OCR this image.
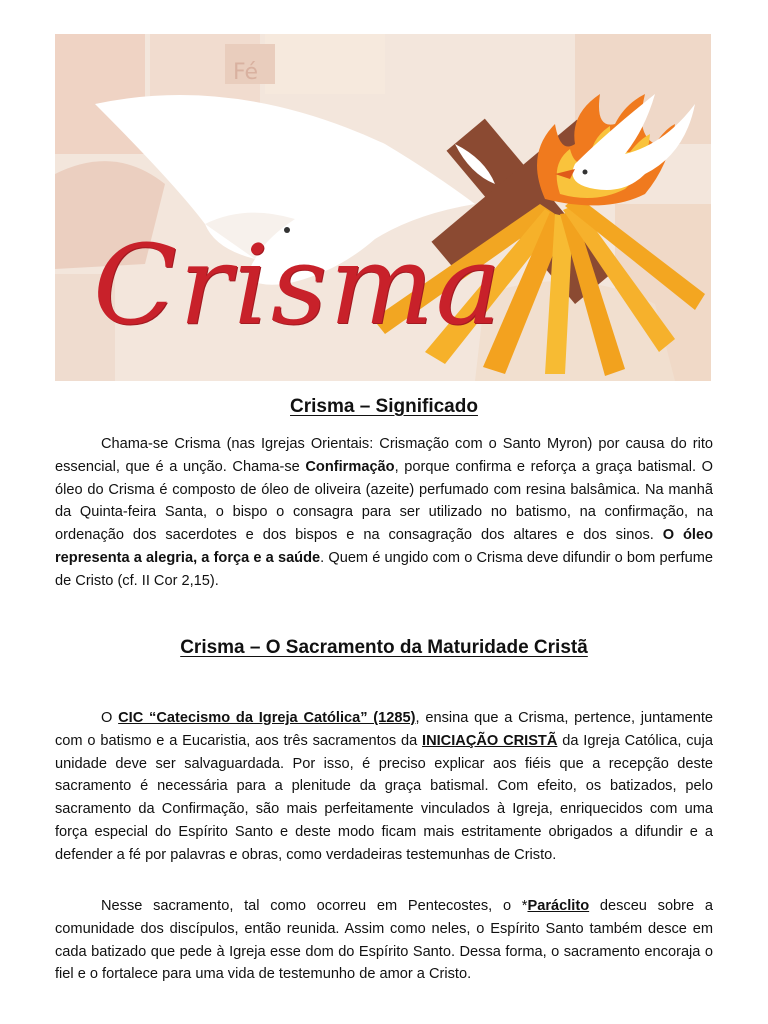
Fé
Crisma
Crisma – Significado

Chama-se Crisma (nas Igrejas Orientais: Crismação com o Santo Myron) por causa do rito essencial, que é a unção. Chama-se Confirmação, porque confirma e reforça a graça batismal. O óleo do Crisma é composto de óleo de oliveira (azeite) perfumado com resina balsâmica. Na manhã da Quinta-feira Santa, o bispo o consagra para ser utilizado no batismo, na confirmação, na ordenação dos sacerdotes e dos bispos e na consagração dos altares e dos sinos. O óleo representa a alegria, a força e a saúde. Quem é ungido com o Crisma deve difundir o bom perfume de Cristo (cf. II Cor 2,15).

Crisma – O Sacramento da Maturidade Cristã

O CIC “Catecismo da Igreja Católica” (1285), ensina que a Crisma, pertence, juntamente com o batismo e a Eucaristia, aos três sacramentos da INICIAÇÃO CRISTÃ da Igreja Católica, cuja unidade deve ser salvaguardada. Por isso, é preciso explicar aos fiéis que a recepção deste sacramento é necessária para a plenitude da graça batismal. Com efeito, os batizados, pelo sacramento da Confirmação, são mais perfeitamente vinculados à Igreja, enriquecidos com uma força especial do Espírito Santo e deste modo ficam mais estritamente obrigados a difundir e a defender a fé por palavras e obras, como verdadeiras testemunhas de Cristo.

Nesse sacramento, tal como ocorreu em Pentecostes, o *Paráclito desceu sobre a comunidade dos discípulos, então reunida. Assim como neles, o Espírito Santo também desce em cada batizado que pede à Igreja esse dom do Espírito Santo. Dessa forma, o sacramento encoraja o fiel e o fortalece para uma vida de testemunho de amor a Cristo.
